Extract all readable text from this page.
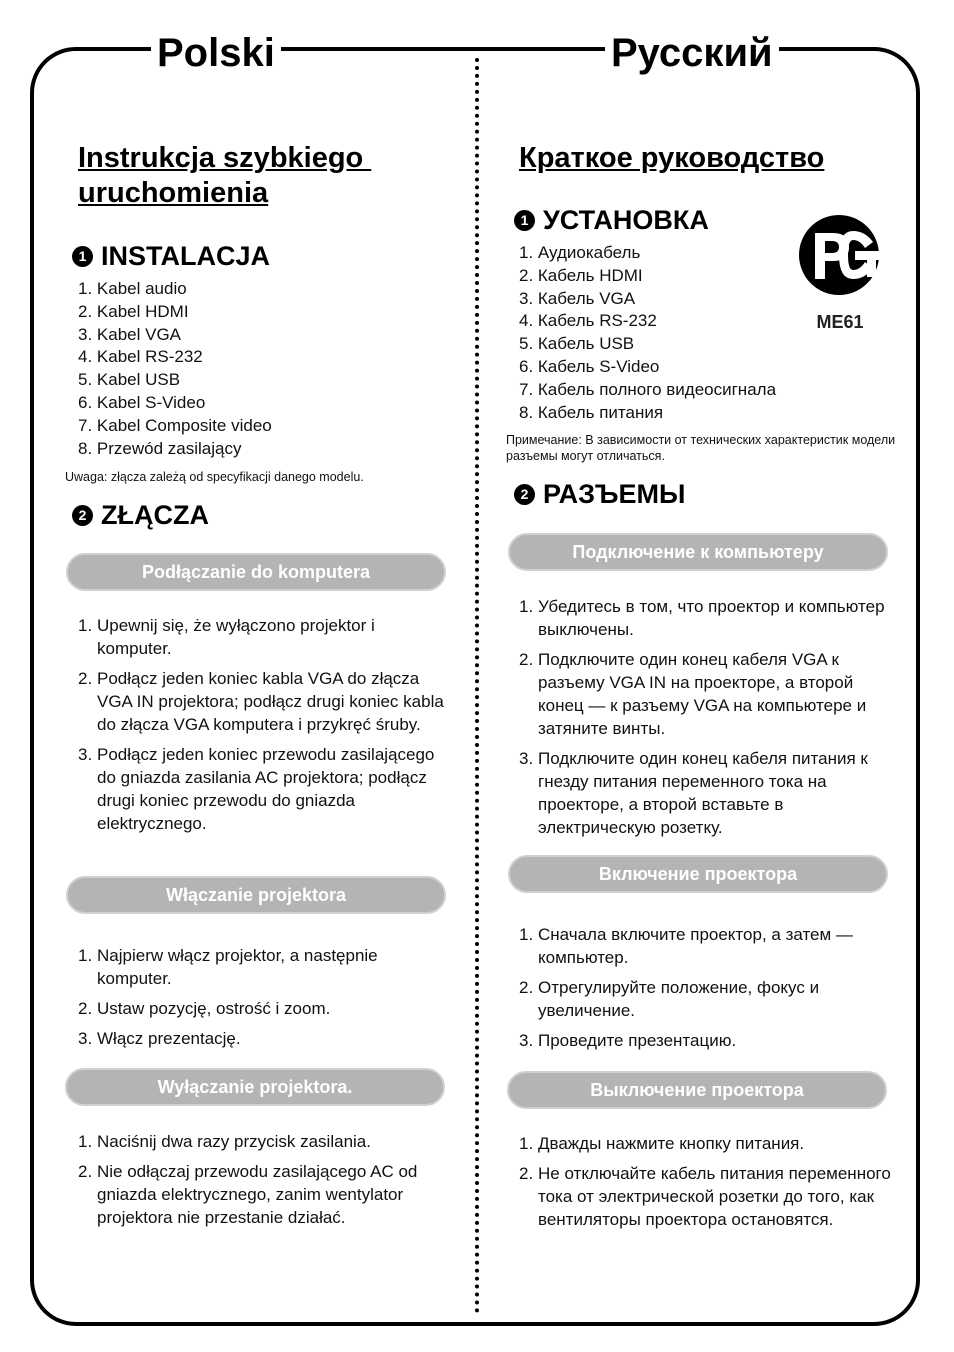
Polski	Русский
Instrukcja szybkiego
uruchomienia
1 INSTALACJA
1. Kabel audio
2. Kabel HDMI
3. Kabel VGA
4. Kabel RS-232
5. Kabel USB
6. Kabel S-Video
7. Kabel Composite video
8. Przewód zasilający

Uwaga: złącza zależą od specyfikacji danego modelu.

2 ZŁĄCZA
Podłączanie do komputera
1. Upewnij się, że wyłączono projektor i komputer.
2. Podłącz jeden koniec kabla VGA do złącza VGA IN projektora; podłącz drugi koniec kabla do złącza VGA komputera i przykręć śruby.
3. Podłącz jeden koniec przewodu zasilającego do gniazda zasilania AC projektora; podłącz drugi koniec przewodu do gniazda elektrycznego.
Włączanie projektora
1. Najpierw włącz projektor, a następnie komputer.
2. Ustaw pozycję, ostrość i zoom.
3. Włącz prezentację.
Wyłączanie projektora.
1. Naciśnij dwa razy przycisk zasilania.
2. Nie odłączaj przewodu zasilającego AC od gniazda elektrycznego, zanim wentylator projektora nie przestanie działać.
Краткое руководство
1 УСТАНОВКА
1. Аудиокабель
2. Кабель HDMI
3. Кабель VGA
4. Кабель RS-232
5. Кабель USB
6. Кабель S-Video
7. Кабель полного видеосигнала
8. Кабель питания
ME61

Примечание: В зависимости от технических характеристик модели разъемы могут отличаться.

2 РАЗЪЕМЫ
Подключение к компьютеру
1. Убедитесь в том, что проектор и компьютер выключены.
2. Подключите один конец кабеля VGA к разъему VGA IN на проекторе, а второй конец — к разъему VGA на компьютере и затяните винты.
3. Подключите один конец кабеля питания к гнезду питания переменного тока на проекторе, а второй вставьте в электрическую розетку.
Включение проектора
1. Сначала включите проектор, а затем — компьютер.
2. Отрегулируйте положение, фокус и увеличение.
3. Проведите презентацию.
Выключение проектора
1. Дважды нажмите кнопку питания.
2. Не отключайте кабель питания переменного тока от электрической розетки до того, как вентиляторы проектора остановятся.
